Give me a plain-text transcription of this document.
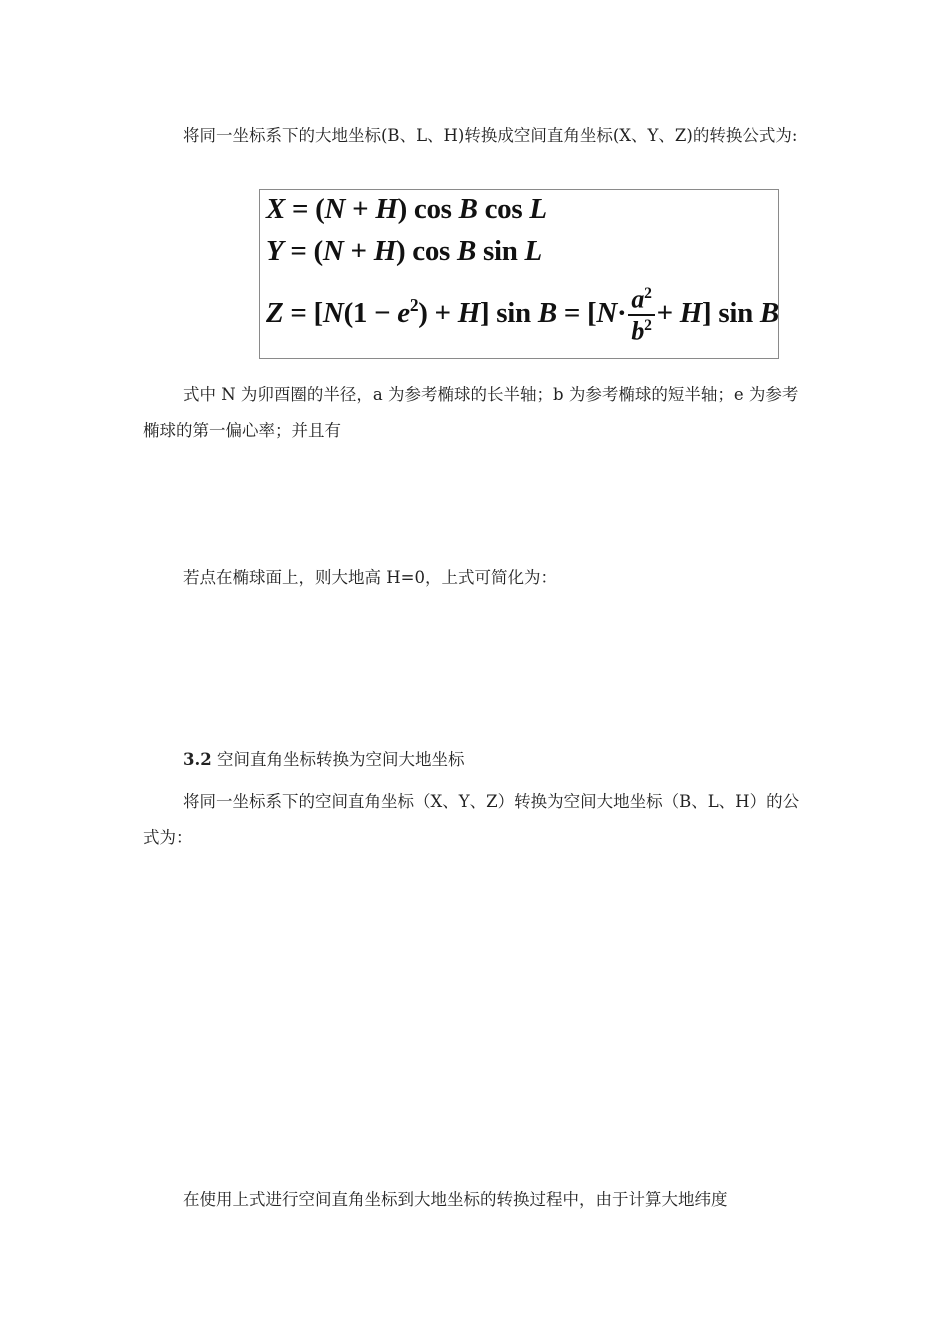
将同一坐标系下的大地坐标(B、L、H)转换成空间直角坐标(X、Y、Z)的转换公式为:

X = (N + H) cos B cos L
Y = (N + H) cos B sin L
$Z = [N(1 - e^2) + H]$ $\sin B = [N\cdot \frac{a^2}{b^2} + H]$ sin B

式中 N 为卯酉圈的半径，a 为参考椭球的长半轴；b 为参考椭球的短半轴；e 为参考椭球的第一偏心率；并且有

若点在椭球面上，则大地高 H=0，上式可简化为：

3.2 空间直角坐标转换为空间大地坐标

将同一坐标系下的空间直角坐标（X、Y、Z）转换为空间大地坐标（B、L、H）的公式为：

在使用上式进行空间直角坐标到大地坐标的转换过程中，由于计算大地纬度
